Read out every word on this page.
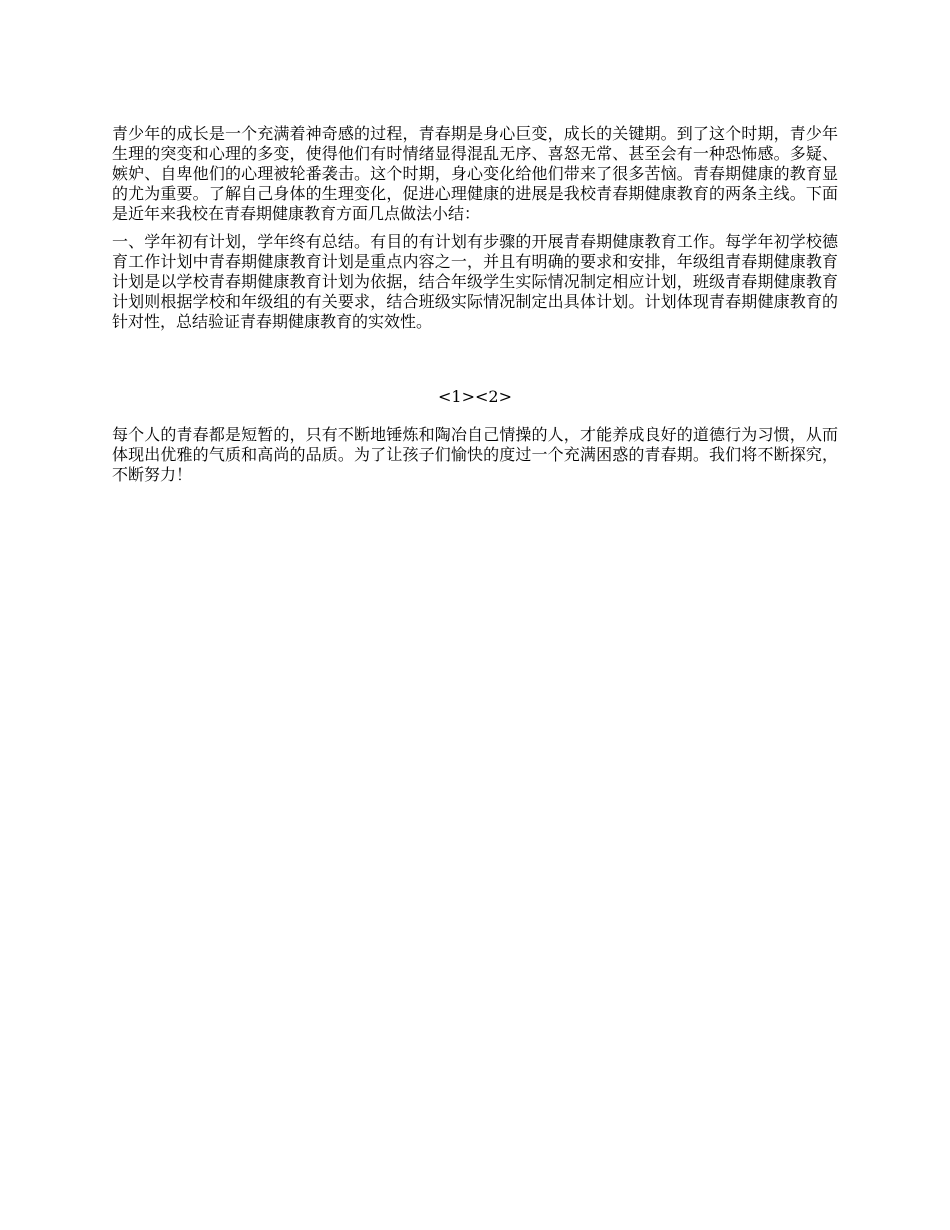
青少年的成长是一个充满着神奇感的过程，青春期是身心巨变，成长的关键期。到了这个时期，青少年生理的突变和心理的多变，使得他们有时情绪显得混乱无序、喜怒无常、甚至会有一种恐怖感。多疑、嫉妒、自卑他们的心理被轮番袭击。这个时期，身心变化给他们带来了很多苦恼。青春期健康的教育显的尤为重要。了解自己身体的生理变化，促进心理健康的进展是我校青春期健康教育的两条主线。下面是近年来我校在青春期健康教育方面几点做法小结：

一、学年初有计划，学年终有总结。有目的有计划有步骤的开展青春期健康教育工作。每学年初学校德育工作计划中青春期健康教育计划是重点内容之一，并且有明确的要求和安排，年级组青春期健康教育计划是以学校青春期健康教育计划为依据，结合年级学生实际情况制定相应计划，班级青春期健康教育计划则根据学校和年级组的有关要求，结合班级实际情况制定出具体计划。计划体现青春期健康教育的针对性，总结验证青春期健康教育的实效性。

<1><2>

每个人的青春都是短暂的，只有不断地锤炼和陶冶自己情操的人，才能养成良好的道德行为习惯，从而体现出优雅的气质和高尚的品质。为了让孩子们愉快的度过一个充满困惑的青春期。我们将不断探究，不断努力！
